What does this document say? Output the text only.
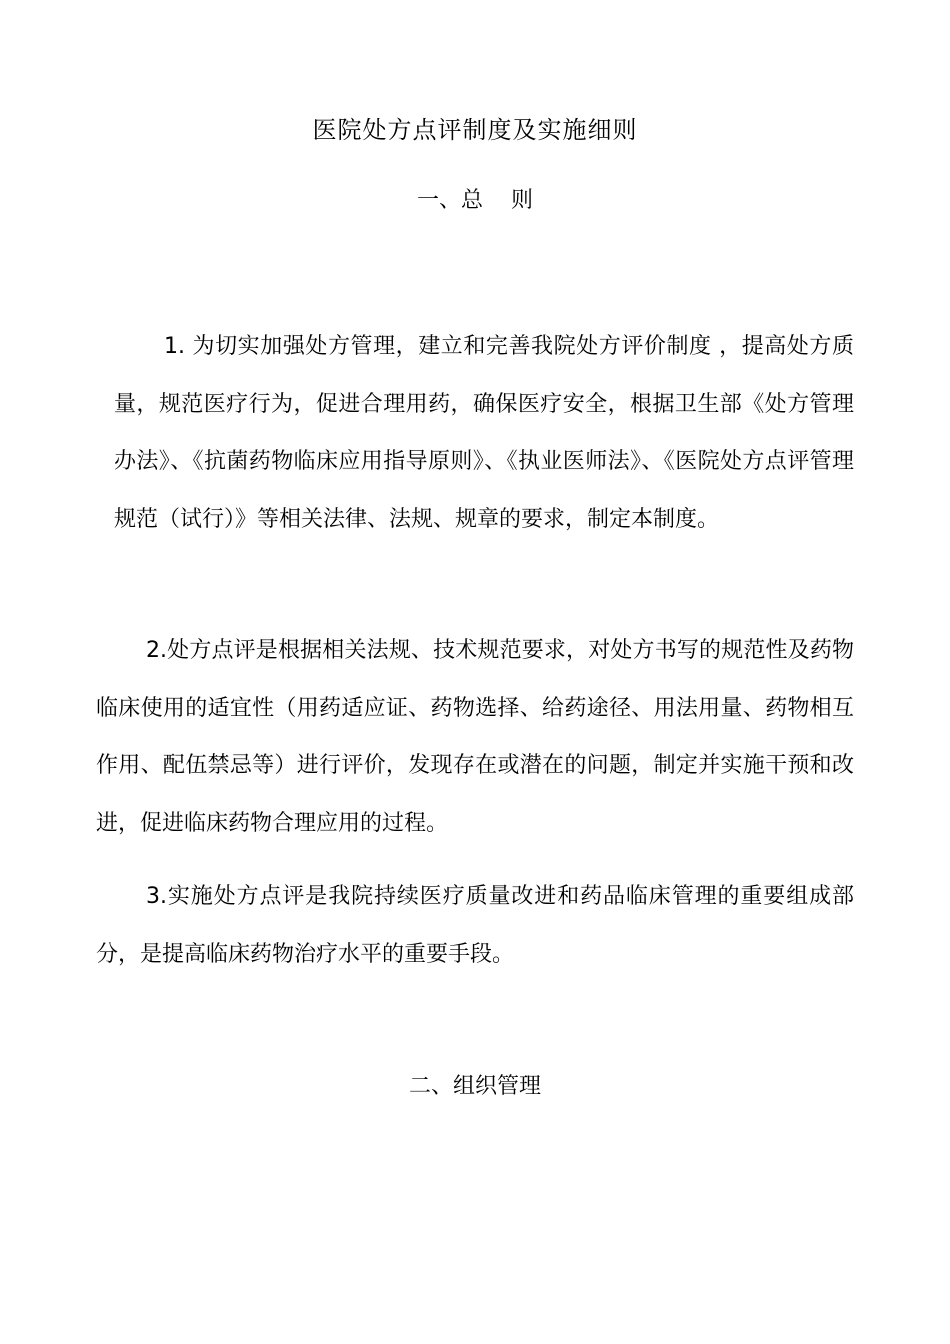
医院处方点评制度及实施细则
一、总    则

1. 为切实加强处方管理，建立和完善我院处方评价制度 ，提高处方质量，规范医疗行为，促进合理用药，确保医疗安全，根据卫生部《处方管理办法》、《抗菌药物临床应用指导原则》、《执业医师法》、《医院处方点评管理规范（试行）》等相关法律、法规、规章的要求，制定本制度。

2.处方点评是根据相关法规、技术规范要求，对处方书写的规范性及药物临床使用的适宜性（用药适应证、药物选择、给药途径、用法用量、药物相互作用、配伍禁忌等）进行评价，发现存在或潜在的问题，制定并实施干预和改进，促进临床药物合理应用的过程。

3.实施处方点评是我院持续医疗质量改进和药品临床管理的重要组成部分，是提高临床药物治疗水平的重要手段。

二、组织管理
